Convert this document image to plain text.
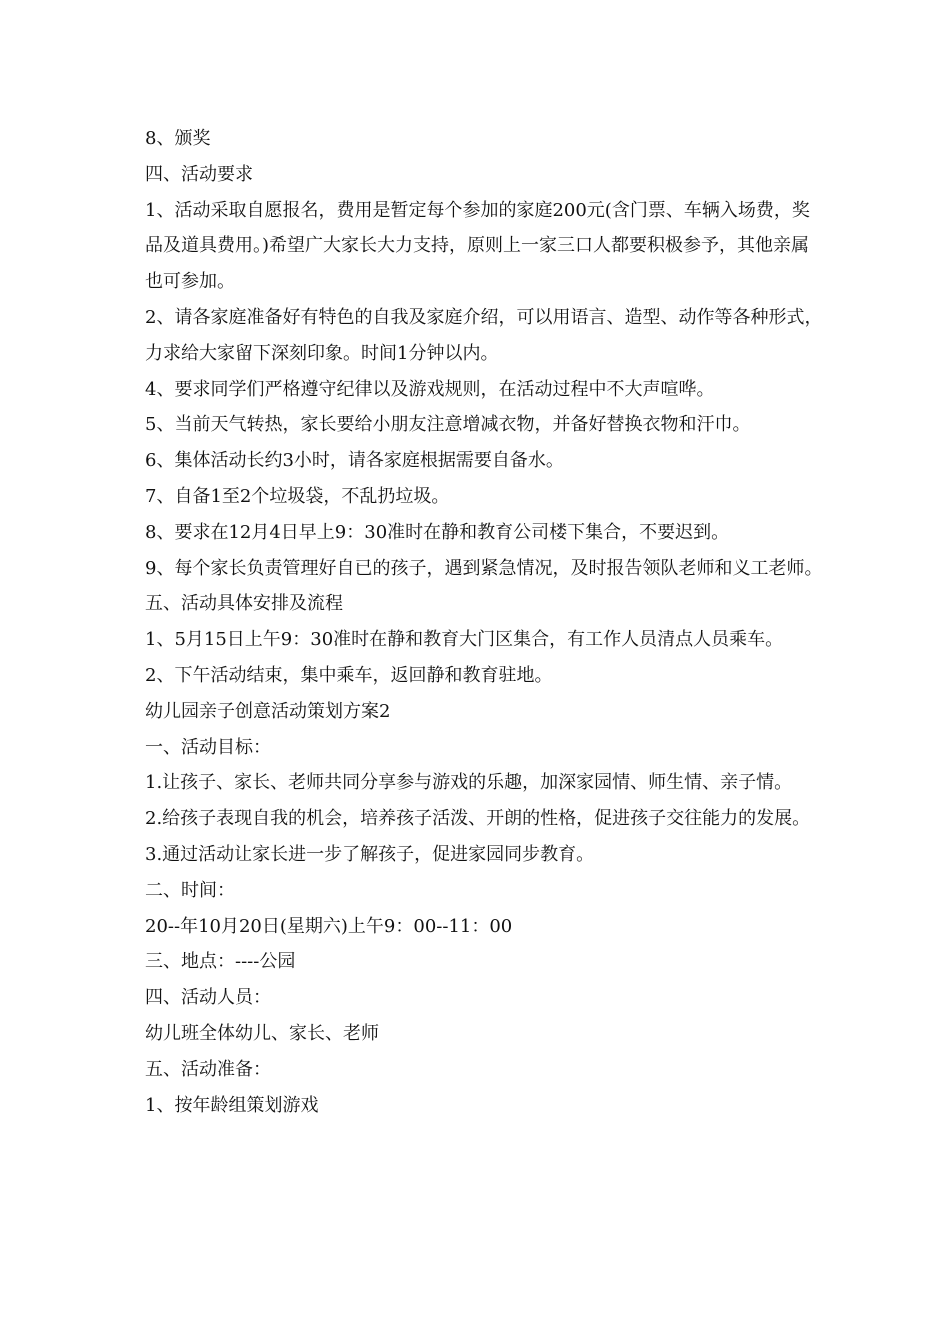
8、颁奖

四、活动要求

1、活动采取自愿报名，费用是暂定每个参加的家庭200元(含门票、车辆入场费，奖品及道具费用。)希望广大家长大力支持，原则上一家三口人都要积极参予，其他亲属也可参加。

2、请各家庭准备好有特色的自我及家庭介绍，可以用语言、造型、动作等各种形式，力求给大家留下深刻印象。时间1分钟以内。

4、要求同学们严格遵守纪律以及游戏规则，在活动过程中不大声喧哗。

5、当前天气转热，家长要给小朋友注意增减衣物，并备好替换衣物和汗巾。

6、集体活动长约3小时，请各家庭根据需要自备水。

7、自备1至2个垃圾袋，不乱扔垃圾。

8、要求在12月4日早上9：30准时在静和教育公司楼下集合，不要迟到。

9、每个家长负责管理好自已的孩子，遇到紧急情况，及时报告领队老师和义工老师。

五、活动具体安排及流程

1、5月15日上午9：30准时在静和教育大门区集合，有工作人员清点人员乘车。

2、下午活动结束，集中乘车，返回静和教育驻地。

幼儿园亲子创意活动策划方案2

一、活动目标：

1.让孩子、家长、老师共同分享参与游戏的乐趣，加深家园情、师生情、亲子情。

2.给孩子表现自我的机会，培养孩子活泼、开朗的性格，促进孩子交往能力的发展。

3.通过活动让家长进一步了解孩子，促进家园同步教育。

二、时间：

20--年10月20日(星期六)上午9：00--11：00

三、地点：----公园

四、活动人员：

幼儿班全体幼儿、家长、老师

五、活动准备：

1、按年龄组策划游戏
